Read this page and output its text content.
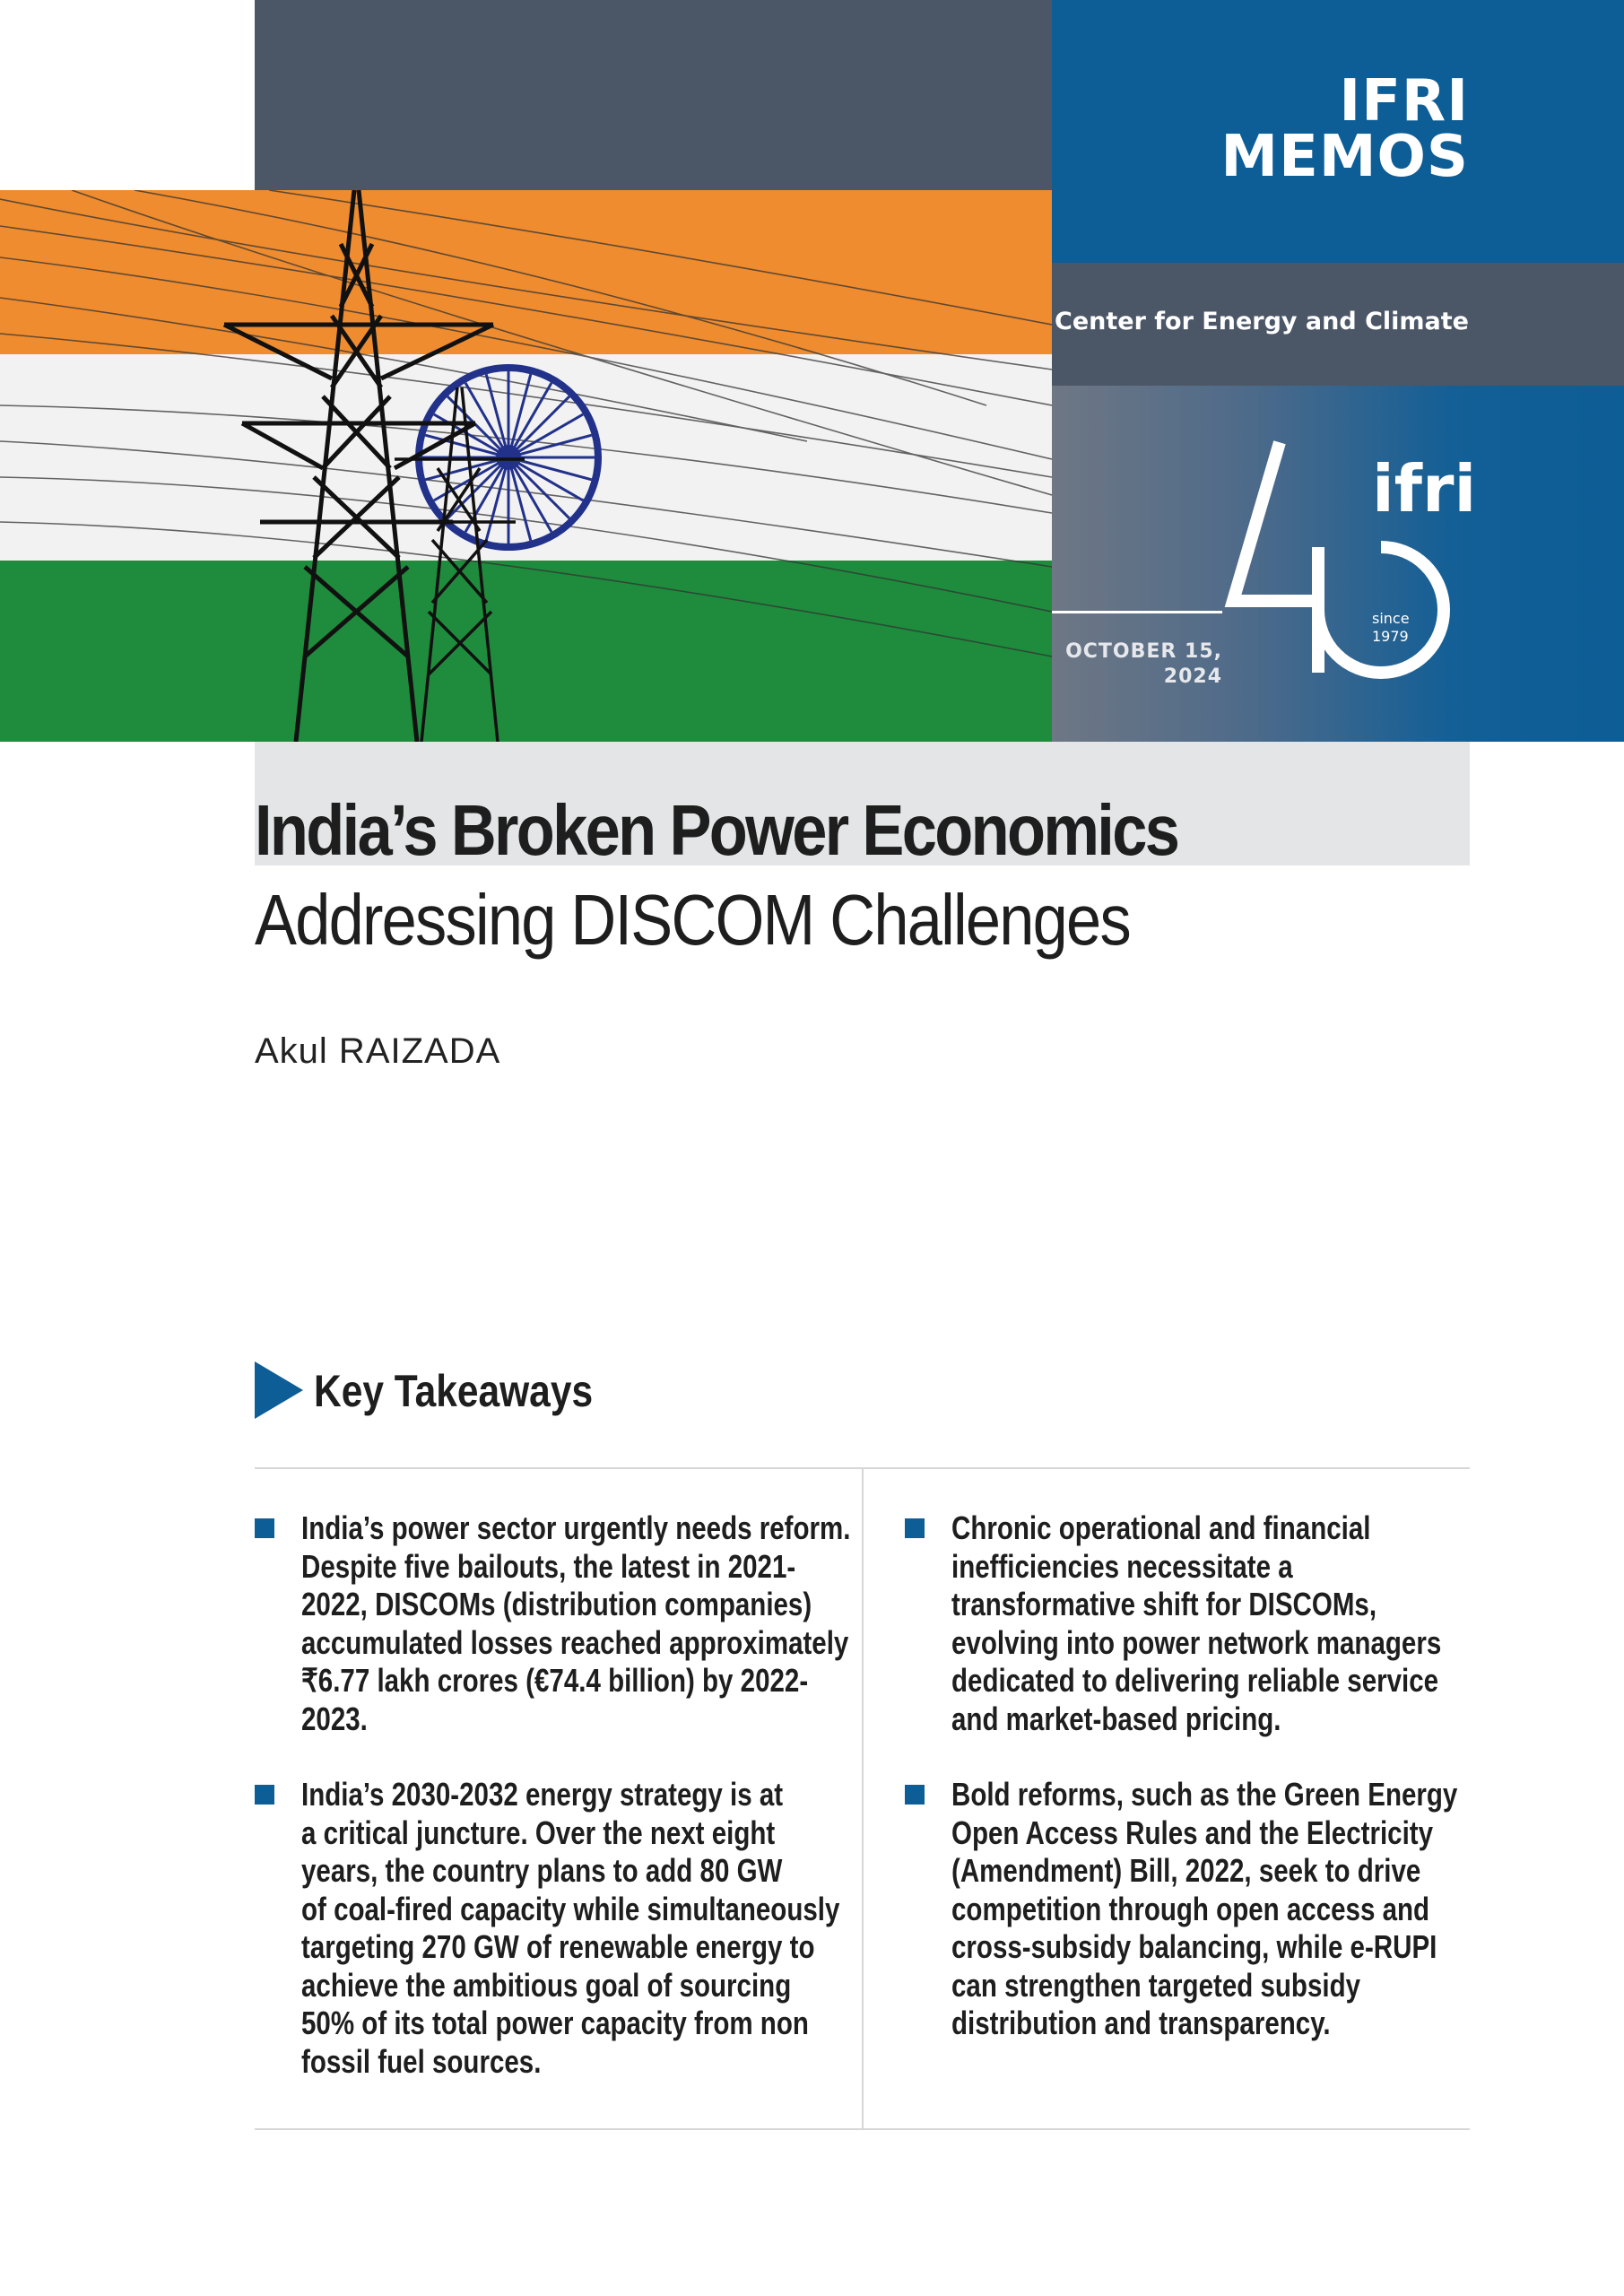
IFRI
MEMOS
Center for Energy and Climate
OCTOBER 15,
2024
ifri
since
1979
India’s Broken Power Economics
Addressing DISCOM Challenges
Akul RAIZADA
Key Takeaways
India’s power sector urgently needs reform.
Despite five bailouts, the latest in 2021-
2022, DISCOMs (distribution companies)
accumulated losses reached approximately
₹6.77 lakh crores (€74.4 billion) by 2022-
2023.
India’s 2030-2032 energy strategy is at
a critical juncture. Over the next eight
years, the country plans to add 80 GW
of coal-fired capacity while simultaneously
targeting 270 GW of renewable energy to
achieve the ambitious goal of sourcing
50% of its total power capacity from non
fossil fuel sources.
Chronic operational and financial
inefficiencies necessitate a
transformative shift for DISCOMs,
evolving into power network managers
dedicated to delivering reliable service
and market-based pricing.
Bold reforms, such as the Green Energy
Open Access Rules and the Electricity
(Amendment) Bill, 2022, seek to drive
competition through open access and
cross-subsidy balancing, while e-RUPI
can strengthen targeted subsidy
distribution and transparency.
